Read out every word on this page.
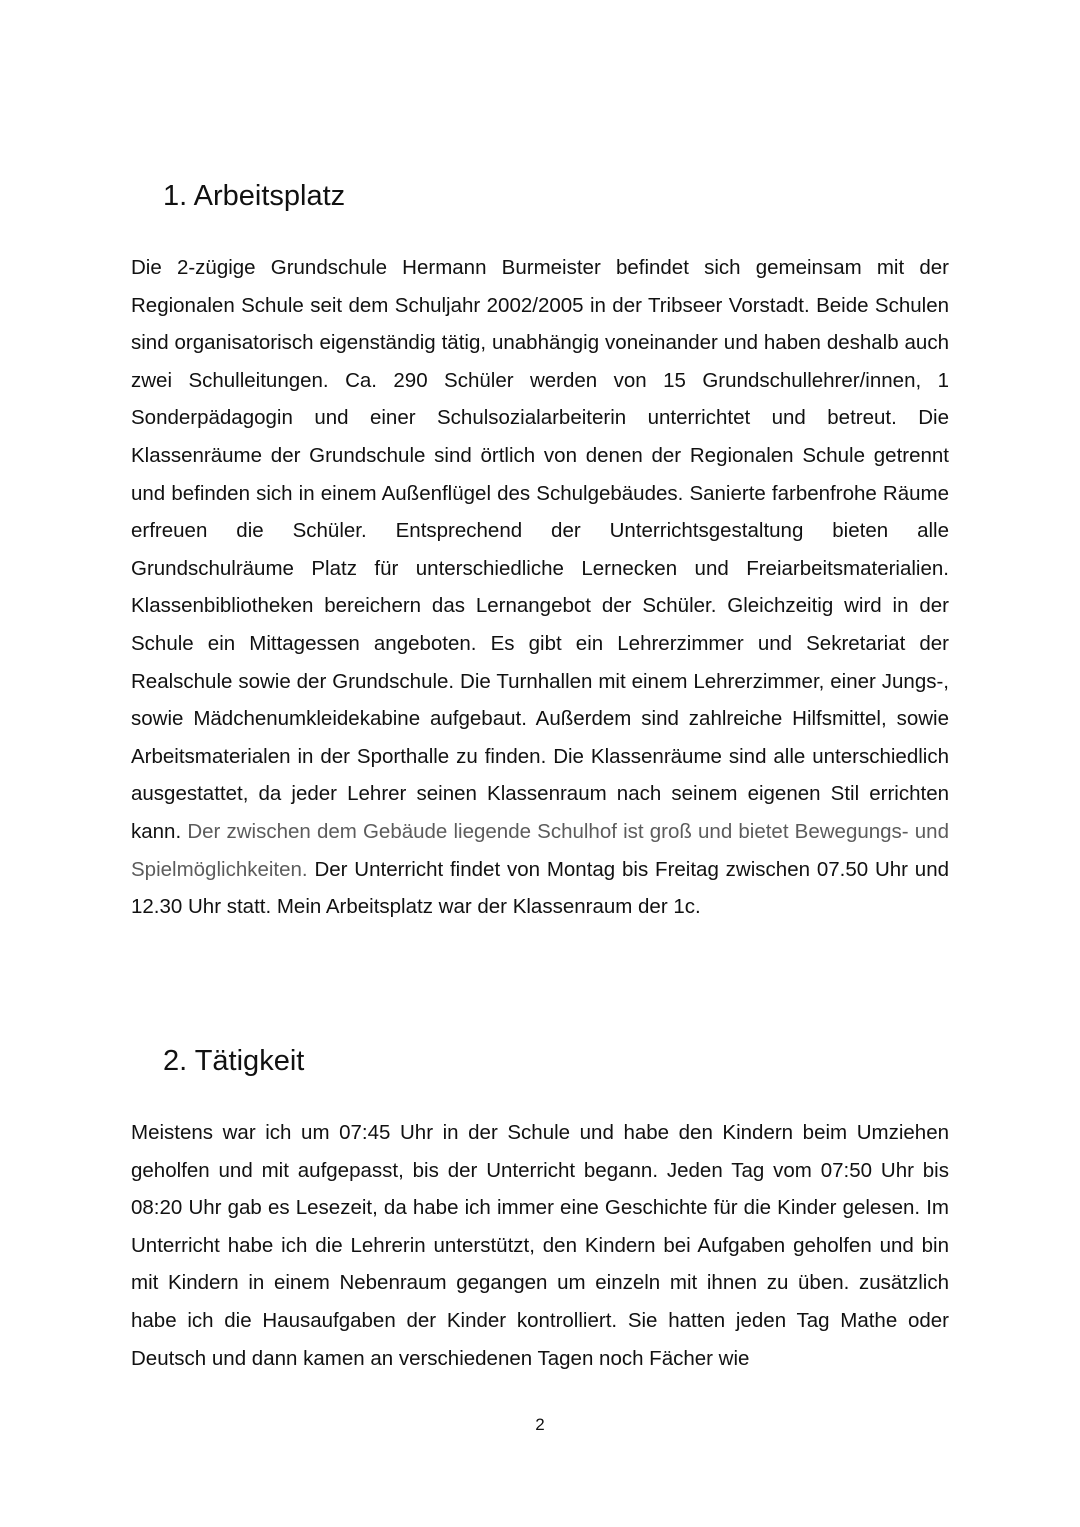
1. Arbeitsplatz

Die 2-zügige Grundschule Hermann Burmeister befindet sich gemeinsam mit der Regionalen Schule seit dem Schuljahr 2002/2005 in der Tribseer Vorstadt. Beide Schulen sind organisatorisch eigenständig tätig, unabhängig voneinander und haben deshalb auch zwei Schulleitungen. Ca. 290 Schüler werden von 15 Grundschullehrer/innen, 1 Sonderpädagogin und einer Schulsozialarbeiterin unterrichtet und betreut. Die Klassenräume der Grundschule sind örtlich von denen der Regionalen Schule getrennt und befinden sich in einem Außenflügel des Schulgebäudes. Sanierte farbenfrohe Räume erfreuen die Schüler. Entsprechend der Unterrichtsgestaltung bieten alle Grundschulräume Platz für unterschiedliche Lernecken und Freiarbeitsmaterialien. Klassenbibliotheken bereichern das Lernangebot der Schüler. Gleichzeitig wird in der Schule ein Mittagessen angeboten. Es gibt ein Lehrerzimmer und Sekretariat der Realschule sowie der Grundschule. Die Turnhallen mit einem Lehrerzimmer, einer Jungs-, sowie Mädchenumkleidekabine aufgebaut. Außerdem sind zahlreiche Hilfsmittel, sowie Arbeitsmaterialen in der Sporthalle zu finden. Die Klassenräume sind alle unterschiedlich ausgestattet, da jeder Lehrer seinen Klassenraum nach seinem eigenen Stil errichten kann. Der zwischen dem Gebäude liegende Schulhof ist groß und bietet Bewegungs- und Spielmöglichkeiten. Der Unterricht findet von Montag bis Freitag zwischen 07.50 Uhr und 12.30 Uhr statt. Mein Arbeitsplatz war der Klassenraum der 1c.

2. Tätigkeit

Meistens war ich um 07:45 Uhr in der Schule und habe den Kindern beim Umziehen geholfen und mit aufgepasst, bis der Unterricht begann. Jeden Tag vom 07:50 Uhr bis 08:20 Uhr gab es Lesezeit, da habe ich immer eine Geschichte für die Kinder gelesen. Im Unterricht habe ich die Lehrerin unterstützt, den Kindern bei Aufgaben geholfen und bin mit Kindern in einem Nebenraum gegangen um einzeln mit ihnen zu üben. zusätzlich habe ich die Hausaufgaben der Kinder kontrolliert. Sie hatten jeden Tag Mathe oder Deutsch und dann kamen an verschiedenen Tagen noch Fächer wie

2
